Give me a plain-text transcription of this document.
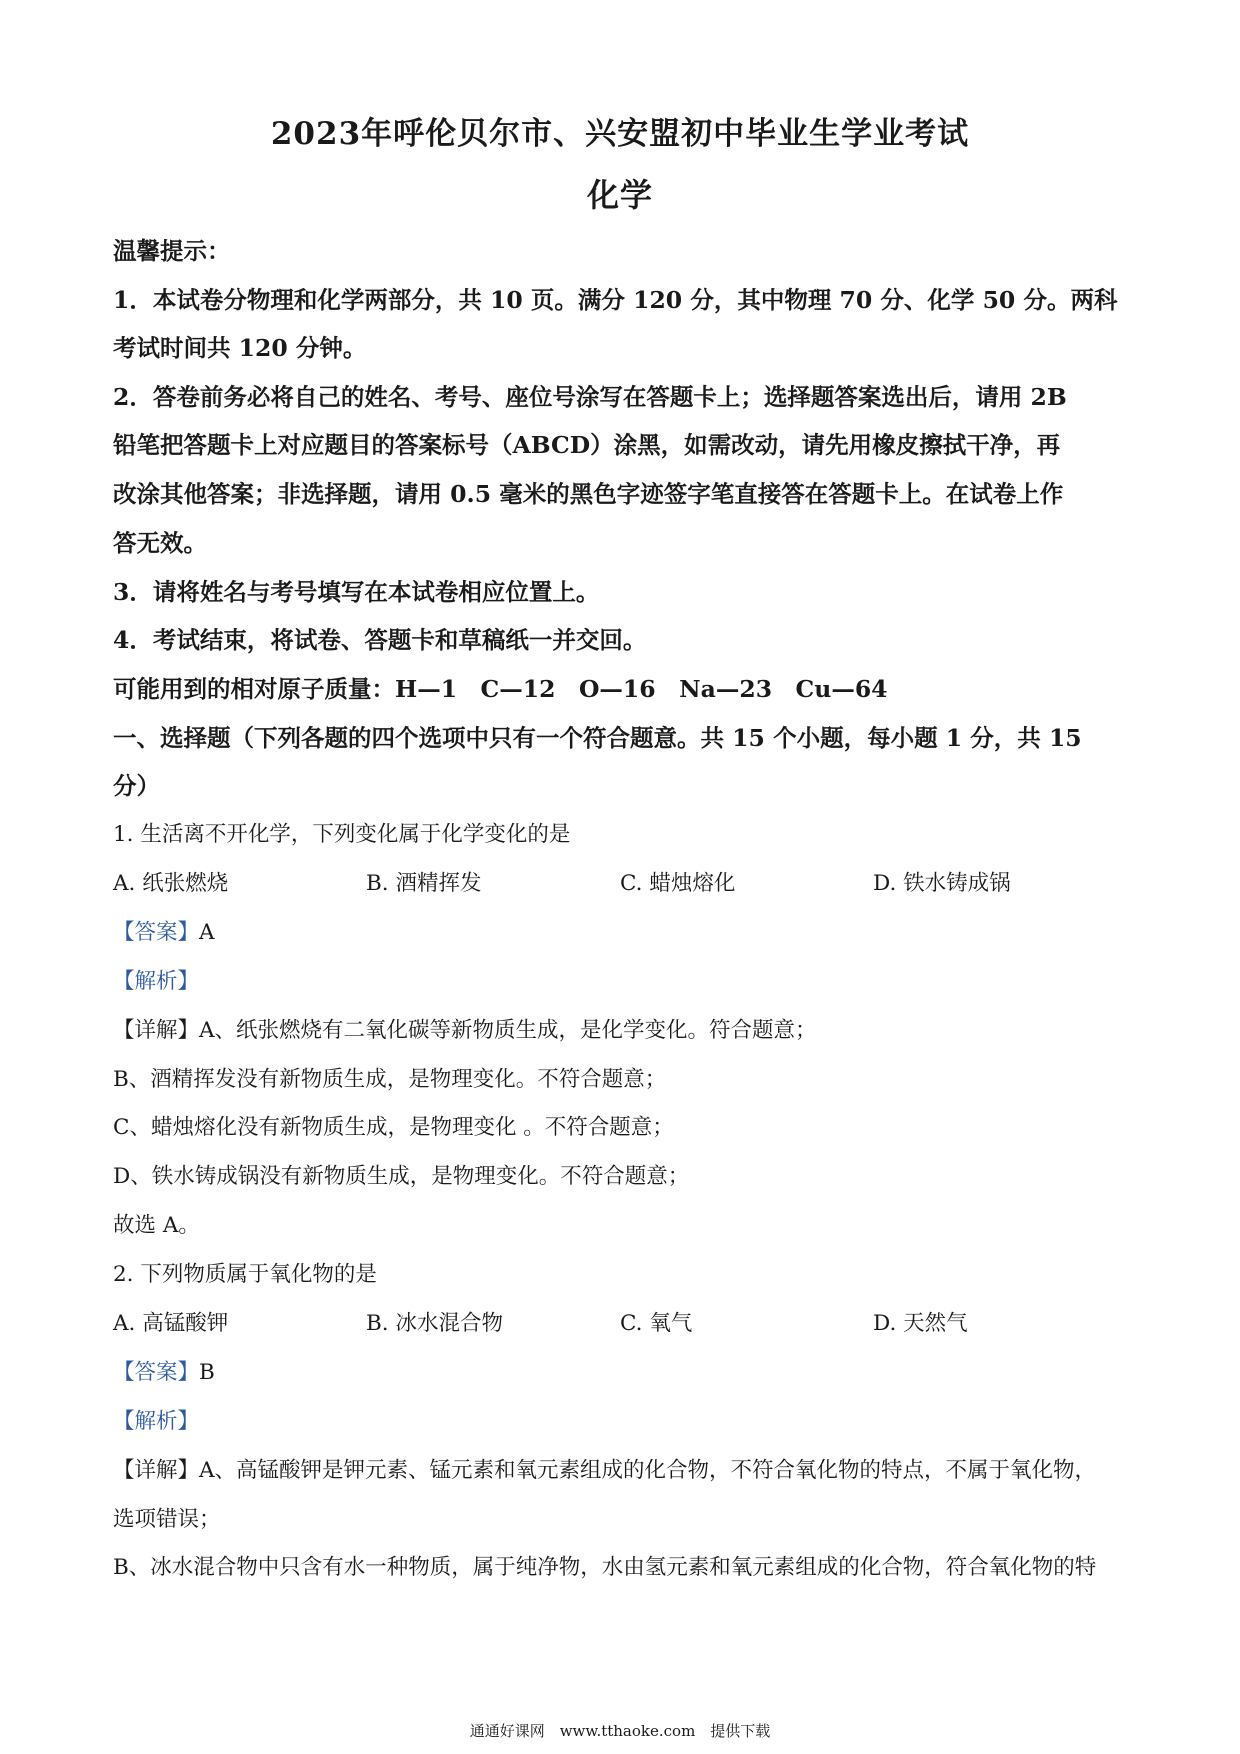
2023年呼伦贝尔市、兴安盟初中毕业生学业考试
化学
温馨提示：
1．本试卷分物理和化学两部分，共 10 页。满分 120 分，其中物理 70 分、化学 50 分。两科
考试时间共 120 分钟。
2．答卷前务必将自己的姓名、考号、座位号涂写在答题卡上；选择题答案选出后，请用 2B
铅笔把答题卡上对应题目的答案标号（ABCD）涂黑，如需改动，请先用橡皮擦拭干净，再
改涂其他答案；非选择题，请用 0.5 毫米的黑色字迹签字笔直接答在答题卡上。在试卷上作
答无效。
3．请将姓名与考号填写在本试卷相应位置上。
4．考试结束，将试卷、答题卡和草稿纸一并交回。
可能用到的相对原子质量：H—1　C—12　O—16　Na—23　Cu—64
一、选择题（下列各题的四个选项中只有一个符合题意。共 15 个小题，每小题 1 分，共 15
分）
1. 生活离不开化学，下列变化属于化学变化的是
A. 纸张燃烧	B. 酒精挥发	C. 蜡烛熔化	D. 铁水铸成锅
【答案】A
【解析】
【详解】A、纸张燃烧有二氧化碳等新物质生成，是化学变化。符合题意；
B、酒精挥发没有新物质生成，是物理变化。不符合题意；
C、蜡烛熔化没有新物质生成，是物理变化 。不符合题意；
D、铁水铸成锅没有新物质生成，是物理变化。不符合题意；
故选 A。
2. 下列物质属于氧化物的是
A. 高锰酸钾	B. 冰水混合物	C. 氧气	D. 天然气
【答案】B
【解析】
【详解】A、高锰酸钾是钾元素、锰元素和氧元素组成的化合物，不符合氧化物的特点，不属于氧化物，
选项错误；
B、冰水混合物中只含有水一种物质，属于纯净物，水由氢元素和氧元素组成的化合物，符合氧化物的特
通通好课网　www.tthaoke.com　提供下载
